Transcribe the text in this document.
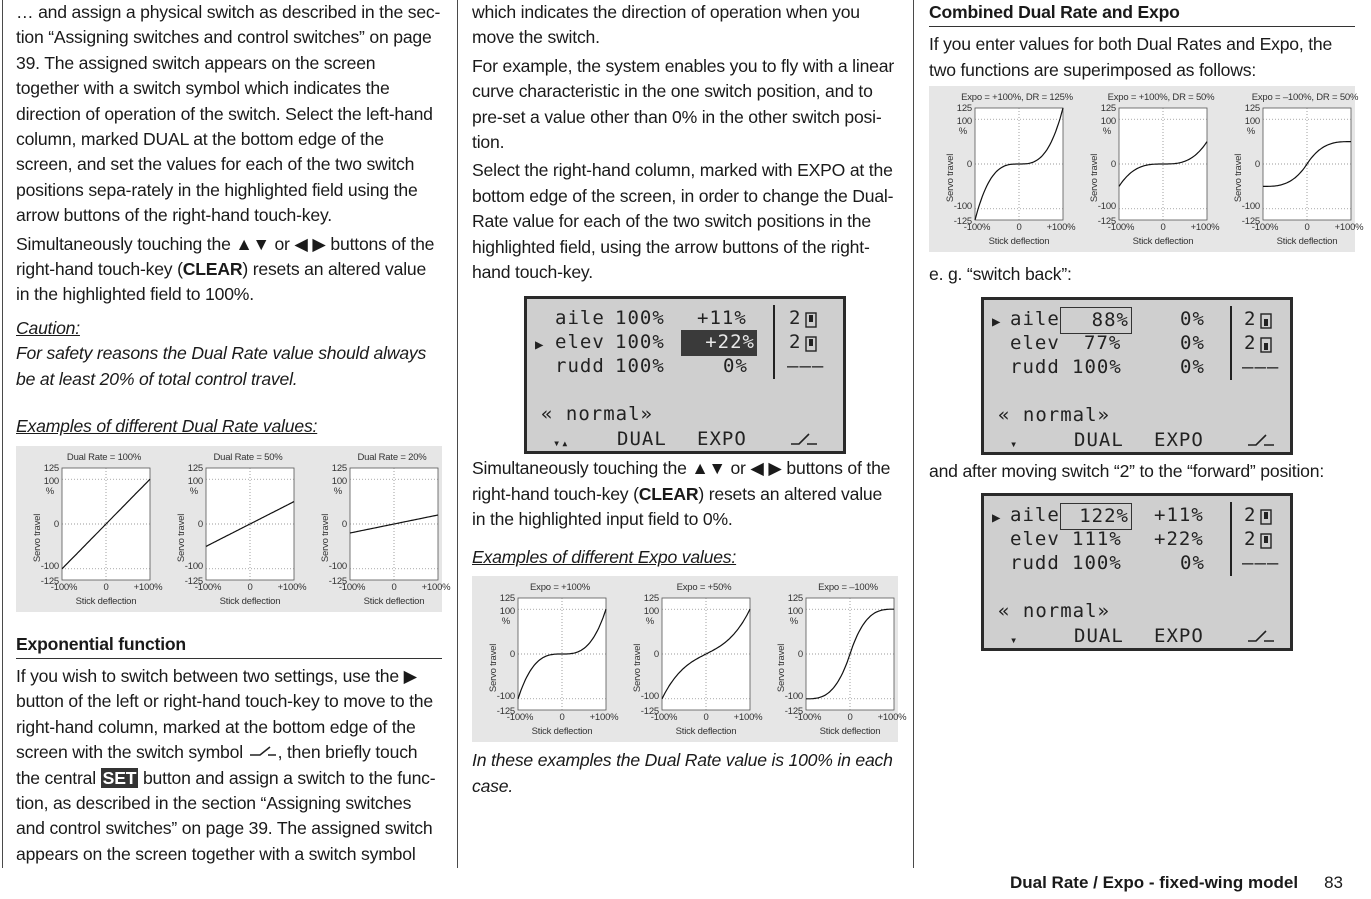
… and assign a physical switch as described in the sec-tion “Assigning switches and control switches” on page 39. The assigned switch appears on the screen together with a switch symbol which indicates the direction of operation of the switch. Select the left-hand column, marked DUAL at the bottom edge of the screen, and set the values for each of the two switch positions sepa-rately in the highlighted field using the arrow buttons of the right-hand touch-key.

Simultaneously touching the ▲▼ or ◀ ▶ buttons of the right-hand touch-key (CLEAR) resets an altered value in the highlighted field to 100%.

Caution:
For safety reasons the Dual Rate value should always be at least 20% of total control travel.
Examples of different Dual Rate values:
Dual Rate = 100%
125
100
%
0
-100
-125
-100%	0	+100%
Stick deflection
Servo travel
Dual Rate = 50%
125
100
%
0
-100
-125
-100%	0	+100%
Stick deflection
Servo travel
Dual Rate = 20%
125
100
%
0
-100
-125
-100%	0	+100%
Stick deflection
Servo travel
Exponential function

If you wish to switch between two settings, use the ▶ button of the left or right-hand touch-key to move to the right-hand column, marked at the bottom edge of the screen with the switch symbol , then briefly touch the central SET button and assign a switch to the func-tion, as described in the section “Assigning switches and control switches” on page 39. The assigned switch appears on the screen together with a switch symbol

which indicates the direction of operation when you move the switch.

For example, the system enables you to fly with a linear curve characteristic in the one switch position, and to pre-set a value other than 0% in the other switch posi-tion.

Select the right-hand column, marked with EXPO at the bottom edge of the screen, in order to change the Dual-Rate value for each of the two switch positions in the highlighted field, using the arrow buttons of the right-hand touch-key.

aile 100% +11% 2
▶ elev 100%	+22% 2
rudd 100%	0% –––
« normal»
▾▴	DUAL EXPO

Simultaneously touching the ▲▼ or ◀ ▶ buttons of the right-hand touch-key (CLEAR) resets an altered value in the highlighted input field to 0%.

Examples of different Expo values:
Expo = +100%
125
100
%
0
-100
-125
-100%	0	+100%
Stick deflection
Servo travel
Expo = +50%
125
100
%
0
-100
-125
-100%	0	+100%
Stick deflection
Servo travel
Expo = –100%
125
100
%
0
-100
-125
-100%	0	+100%
Stick deflection
Servo travel

In these examples the Dual Rate value is 100% in each case.

Combined Dual Rate and Expo

If you enter values for both Dual Rates and Expo, the two functions are superimposed as follows:

Expo = +100%, DR = 125%
125
100
%
0
-100
-125
-100%	0	+100%
Stick deflection
Servo travel
Expo = +100%, DR = 50%
125
100
%
0
-100
-125
-100%	0	+100%
Stick deflection
Servo travel
Expo = –100%, DR = 50%
125
100
%
0
-100
-125
-100%	0	+100%
Stick deflection
Servo travel

e. g. “switch back”:

▶ aile	88%	0% 2
elev 77%	0% 2
rudd 100%	0% –––
« normal»
▾	DUAL EXPO

and after moving switch “2” to the “forward” position:

▶ aile	122% +11% 2
elev 111% +22% 2
rudd 100%	0% –––
« normal»
▾	DUAL EXPO
Dual Rate / Expo - fixed-wing model 83
